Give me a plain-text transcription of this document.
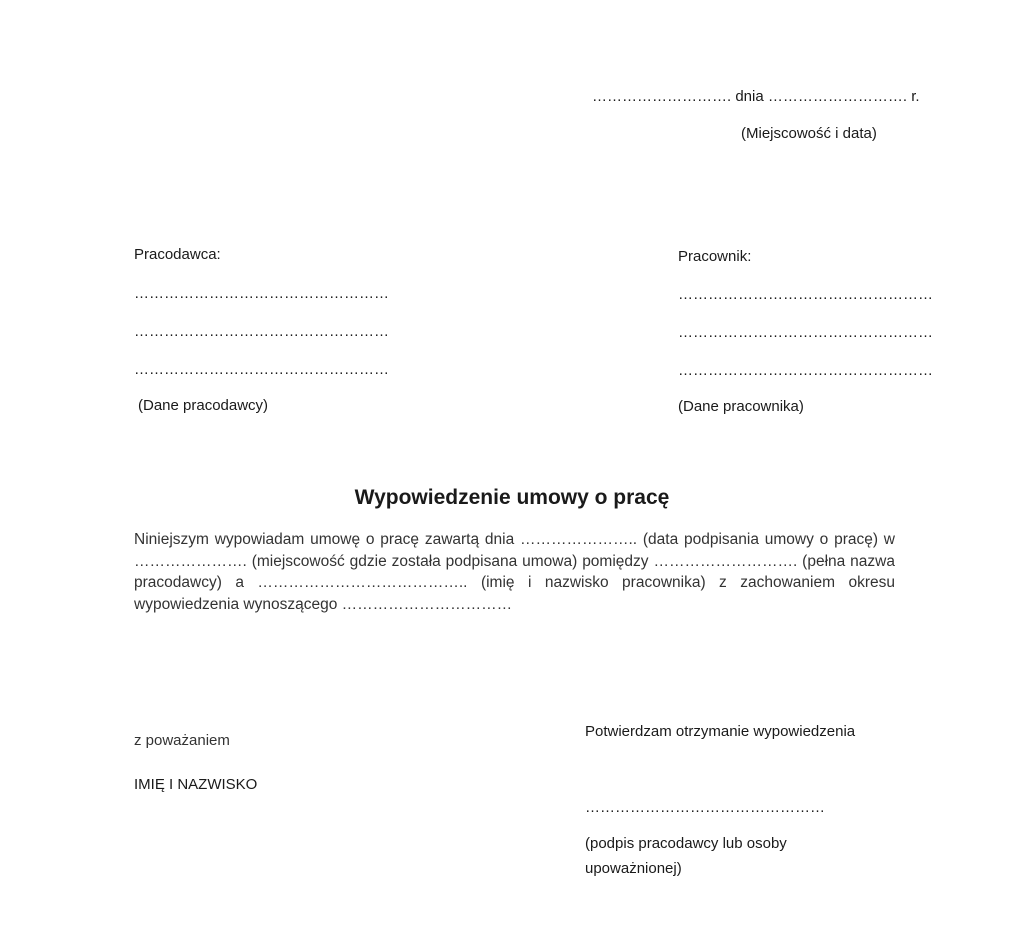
………………………. dnia ………………………. r.
(Miejscowość i data)
Pracodawca:
……………………………………………
……………………………………………
……………………………………………
(Dane pracodawcy)
Pracownik:
……………………………………………
……………………………………………
……………………………………………
(Dane pracownika)
Wypowiedzenie umowy o pracę
Niniejszym wypowiadam umowę o pracę zawartą dnia ………………….. (data podpisania umowy o pracę) w …………………. (miejscowość gdzie została podpisana umowa) pomiędzy ………………………. (pełna nazwa pracodawcy) a ………………………………….. (imię i nazwisko pracownika) z zachowaniem okresu wypowiedzenia wynoszącego ……………………………
z poważaniem
IMIĘ I NAZWISKO
Potwierdzam otrzymanie wypowiedzenia
…………………………………………
(podpis pracodawcy lub osoby
upoważnionej)
